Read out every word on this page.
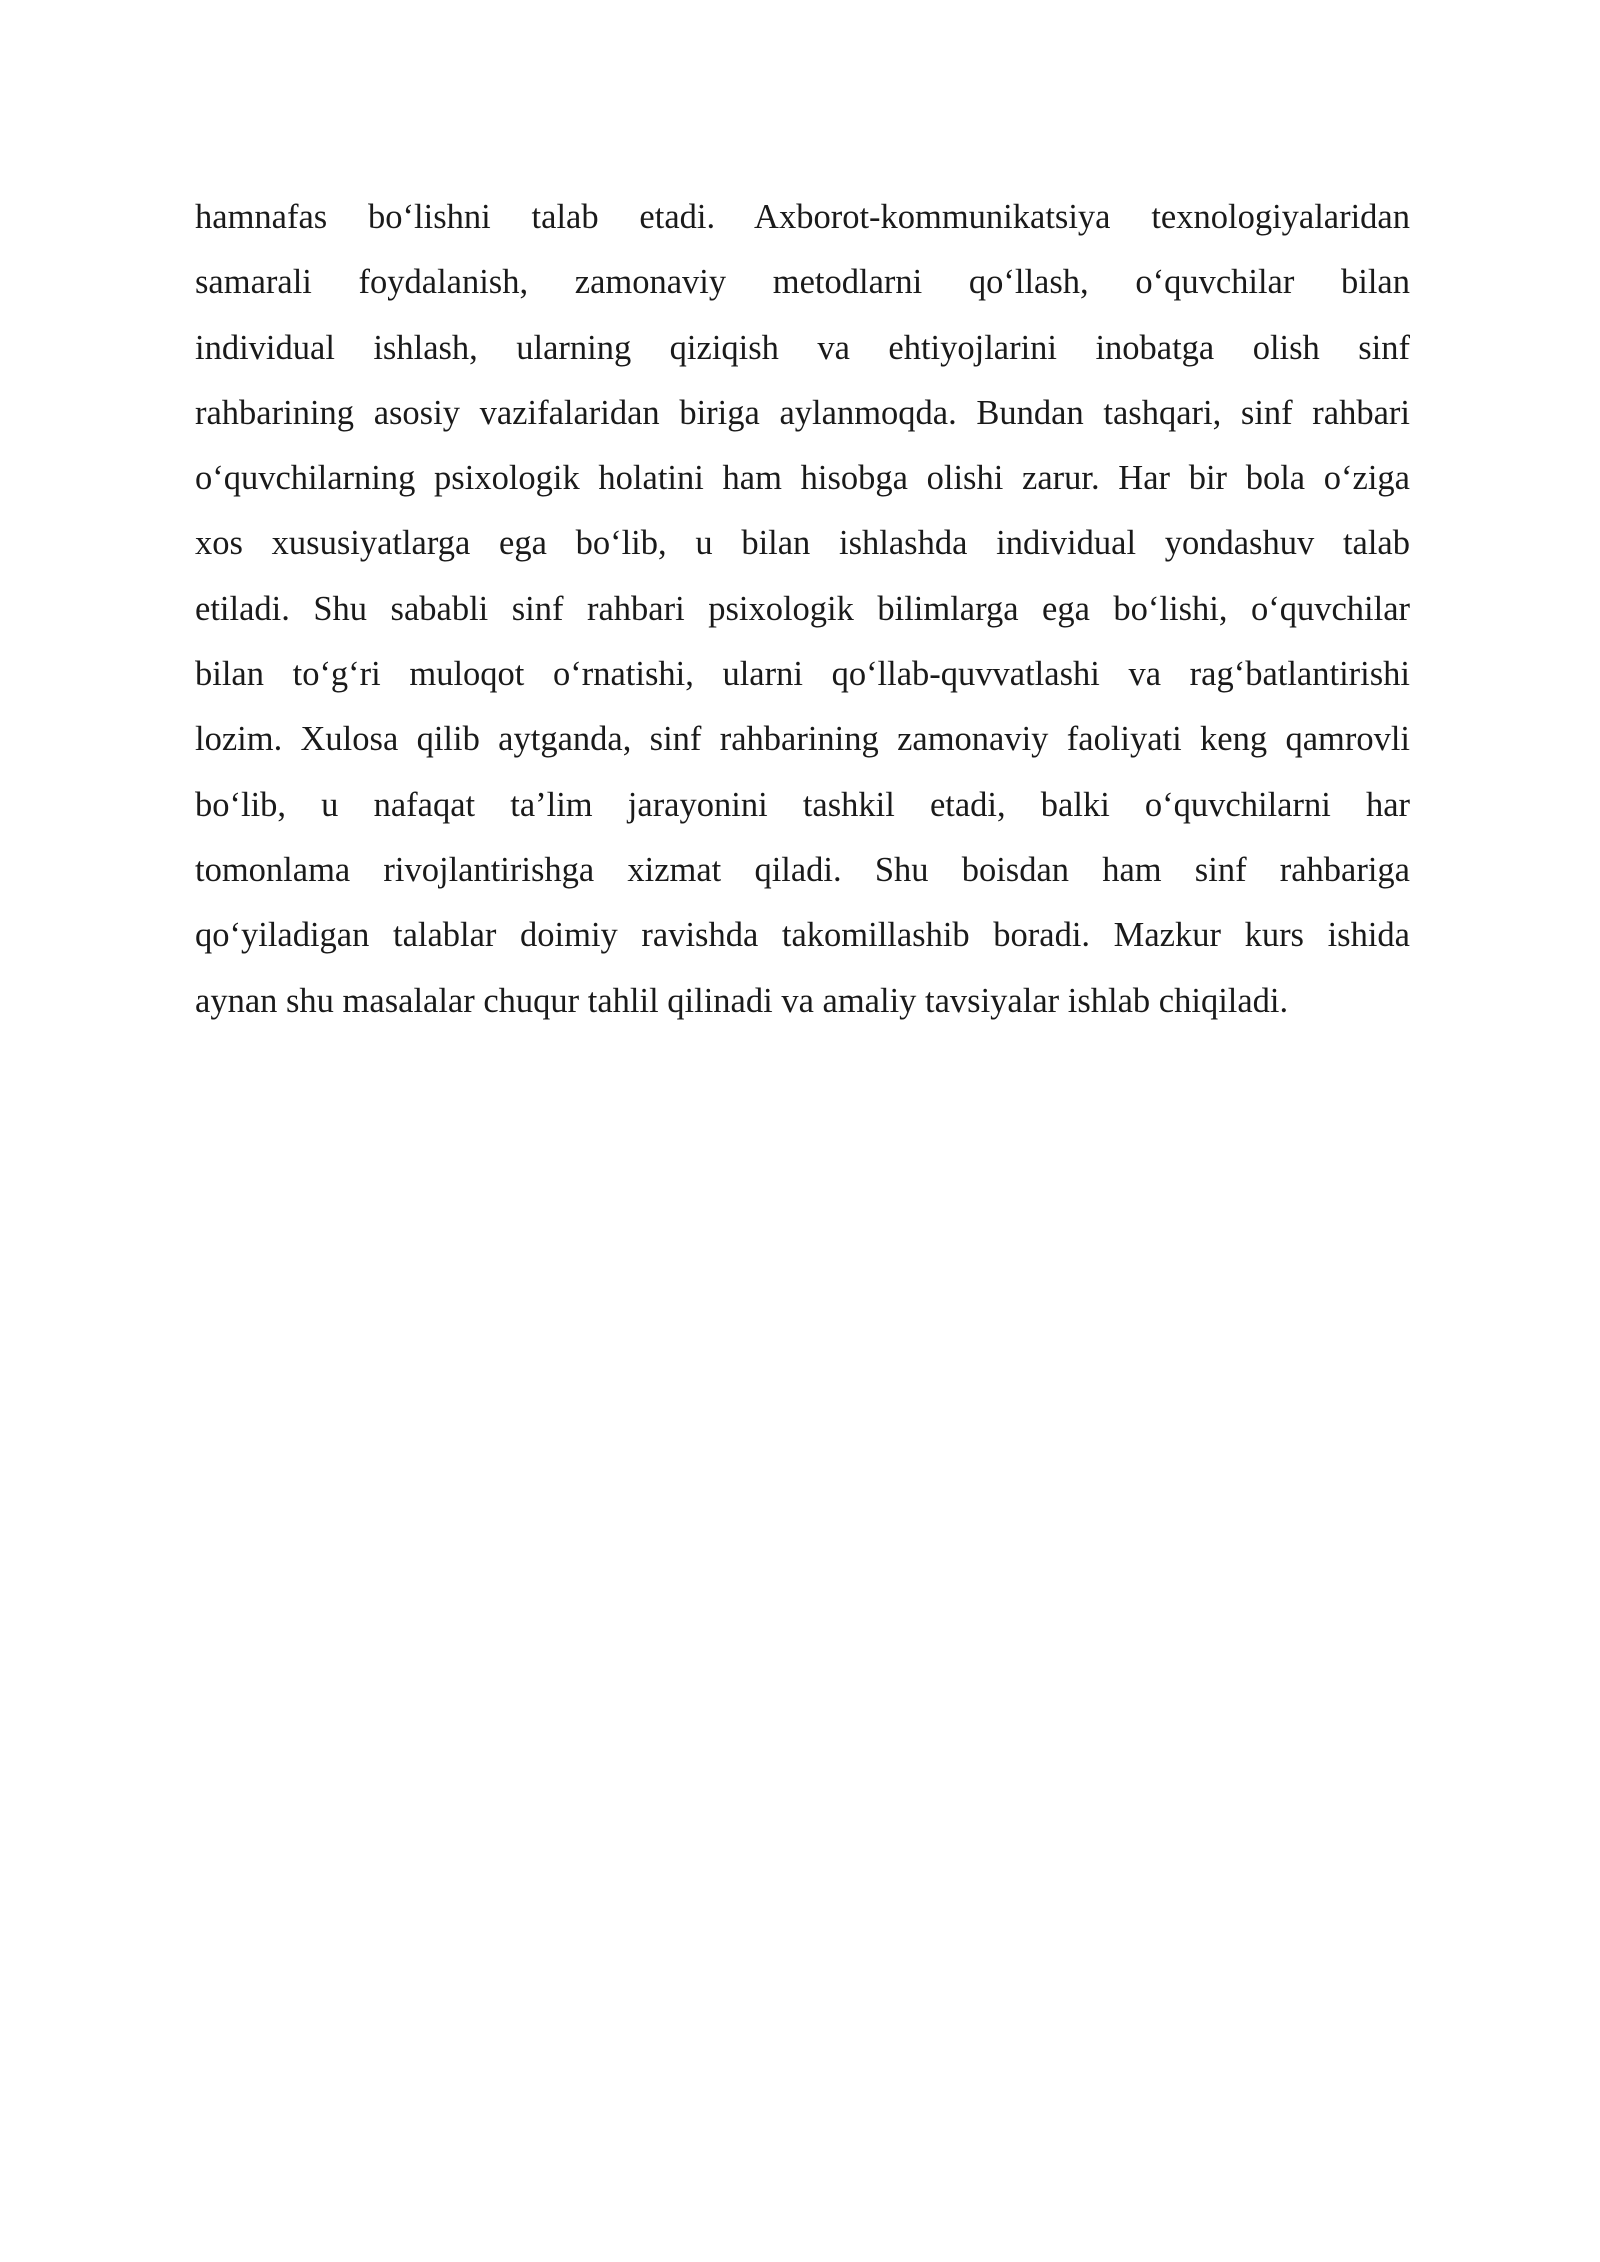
hamnafas bo‘lishni talab etadi. Axborot-kommunikatsiya texnologiyalaridan
samarali foydalanish, zamonaviy metodlarni qo‘llash, o‘quvchilar bilan
individual ishlash, ularning qiziqish va ehtiyojlarini inobatga olish sinf
rahbarining asosiy vazifalaridan biriga aylanmoqda. Bundan tashqari, sinf rahbari
o‘quvchilarning psixologik holatini ham hisobga olishi zarur. Har bir bola o‘ziga
xos xususiyatlarga ega bo‘lib, u bilan ishlashda individual yondashuv talab
etiladi. Shu sababli sinf rahbari psixologik bilimlarga ega bo‘lishi, o‘quvchilar
bilan to‘g‘ri muloqot o‘rnatishi, ularni qo‘llab-quvvatlashi va rag‘batlantirishi
lozim. Xulosa qilib aytganda, sinf rahbarining zamonaviy faoliyati keng qamrovli
bo‘lib, u nafaqat ta’lim jarayonini tashkil etadi, balki o‘quvchilarni har
tomonlama rivojlantirishga xizmat qiladi. Shu boisdan ham sinf rahbariga
qo‘yiladigan talablar doimiy ravishda takomillashib boradi. Mazkur kurs ishida
aynan shu masalalar chuqur tahlil qilinadi va amaliy tavsiyalar ishlab chiqiladi.
